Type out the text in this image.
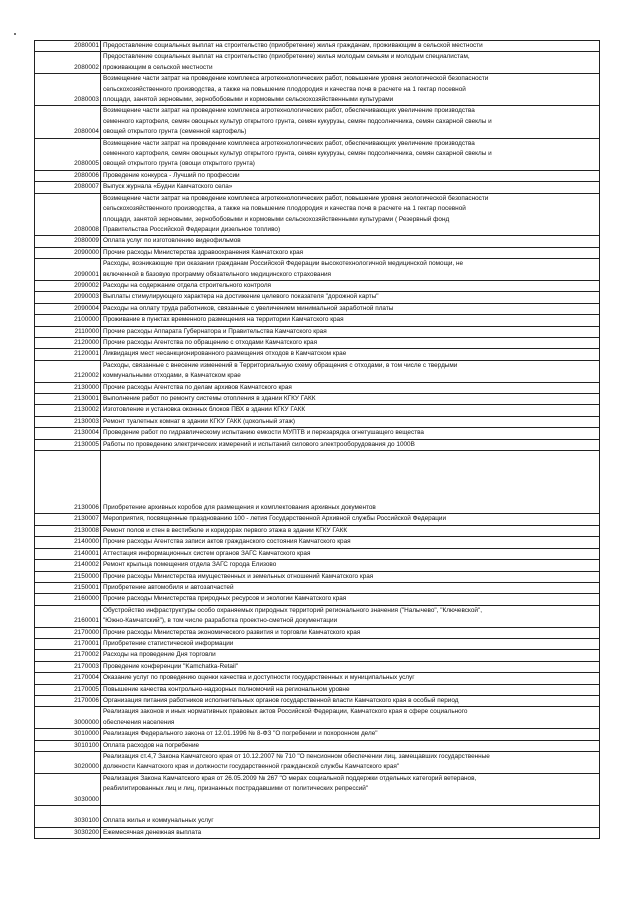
2080001	Предоставление социальных выплат на строительство (приобретение) жилья гражданам, проживающим в сельской местности

2080002	Предоставление социальных выплат на строительство (приобретение) жилья молодым семьям и молодым специалистам,
проживающим в сельской местности

2080003	Возмещение части затрат на проведение комплекса агротехнологических работ, повышение уровня экологической безопасности
сельскохозяйственного производства, а также на повышение плодородия и качества почв в расчете на 1 гектар посевной
площади, занятой зерновыми, зернобобовыми и кормовыми сельскохозяйственными культурами

2080004	Возмещение части затрат на проведение комплекса агротехнологических работ, обеспечивающих увеличение производства
семенного картофеля, семян овощных культур открытого грунта, семян кукурузы, семян подсолнечника, семян сахарной свеклы и
овощей открытого грунта (семенной картофель)

2080005	Возмещение части затрат на проведение комплекса агротехнологических работ, обеспечивающих увеличение производства
семенного картофеля, семян овощных культур открытого грунта, семян кукурузы, семян подсолнечника, семян сахарной свеклы и
овощей открытого грунта (овощи открытого грунта)

2080006	Проведение конкурса - Лучший по профессии

2080007	Выпуск журнала «Будни Камчатского села»

2080008	Возмещение части затрат на проведение комплекса агротехнологических работ, повышение уровня экологической безопасности
сельскохозяйственного производства, а также на повышение плодородия и качества почв в расчете на 1 гектар посевной
площади, занятой зерновыми, зернобобовыми и кормовыми сельскохозяйственными культурами ( Резервный фонд
Правительства Российской Федерации дизельное топливо)

2080009	Оплата услуг по изготовлению видеофильмов

2090000	Прочие расходы Министерства здравоохранения Камчатского края

2090001	Расходы, возникающие при оказании гражданам Российской Федерации высокотехнологичной медицинской помощи, не
включенной в базовую программу обязательного медицинского страхования

2090002	Расходы на содержание отдела строительного контроля

2090003	Выплаты стимулирующего характера на достижение целевого показателя "дорожной карты"

2090004	Расходы на оплату труда работников, связанные с увеличением минимальной заработной платы

2100000	Проживание в пунктах временного размещения на территории Камчатского края

2110000	Прочие расходы Аппарата Губернатора и Правительства Камчатского края

2120000	Прочие расходы Агентства по обращению с отходами Камчатского края

2120001	Ликвидация мест несанкционированного размещения отходов в Камчатском крае

2120002	Расходы, связанные с внесение изменений в Территориальную схему обращения с отходами, в том числе с твердыми
коммунальными отходами, в Камчатском крае

2130000	Прочие расходы Агентства по делам архивов Камчатского края

2130001	Выполнение работ по ремонту системы отопления в здании КГКУ ГАКК

2130002	Изготовление и установка оконных блоков ПВХ в здании КГКУ ГАКК

2130003	Ремонт туалетных комнат в здании КГКУ ГАКК (цокольный этаж)

2130004	Проведение работ по гидравлическому испытанию емкости МУПТВ и перезарядка огнетушащего вещества

2130005	Работы по проведению электрических измерений и испытаний силового электрооборудования до 1000В

2130006	Приобретение архивных коробов для размещения и комплектования архивных документов

2130007	Мероприятия, посвященные празднованию 100 - летия Государственной Архивной службы Российской Федерации

2130008	Ремонт полов и стен в вестибюле и коридорах первого этажа в здании КГКУ ГАКК

2140000	Прочие расходы Агентства записи актов гражданского состояния Камчатского края

2140001	Аттестация информационных систем органов ЗАГС Камчатского края

2140002	Ремонт крыльца помещения отдела ЗАГС города Елизово

2150000	Прочие расходы Министерства имущественных и земельных отношений Камчатского края

2150001	Приобретение автомобиля и автозапчастей

2160000	Прочие расходы Министерства природных ресурсов и экологии Камчатского края

2160001	Обустройство инфраструктуры особо охраняемых природных территорий регионального значения ("Налычево", "Ключевской",
"Южно-Камчатский"), в том числе разработка проектно-сметной документации

2170000	Прочие расходы Министерства экономического развития и торговли Камчатского края

2170001	Приобретение статистической информации

2170002	Расходы на проведение Дня торговли

2170003	Проведение конференции "Kamchatka-Retail"

2170004	Оказание услуг по проведению оценки качества и доступности государственных и муниципальных услуг

2170005	Повышение качества контрольно-надзорных полномочий на региональном уровне

2170006	Организация питания работников исполнительных органов государственной власти Камчатского края в особый период

3000000	Реализация законов и иных нормативных правовых актов Российской Федерации, Камчатского края в сфере социального
обеспечения населения

3010000	Реализация Федерального закона от 12.01.1996 № 8-ФЗ "О погребении и похоронном деле"

3010100	Оплата расходов на погребение

3020000	Реализация ст.4,7 Закона Камчатского края от 10.12.2007 № 710 "О пенсионном обеспечении лиц, замещавших государственные
должности Камчатского края и должности государственной гражданской службы Камчатского края"

3030000	Реализация Закона Камчатского края от 26.05.2009 № 267 "О мерах социальной поддержки отдельных категорий ветеранов,
реабилитированных лиц и лиц, признанных пострадавшими от политических репрессий"

3030100	Оплата жилья и коммунальных услуг

3030200	Ежемесячная денежная выплата
